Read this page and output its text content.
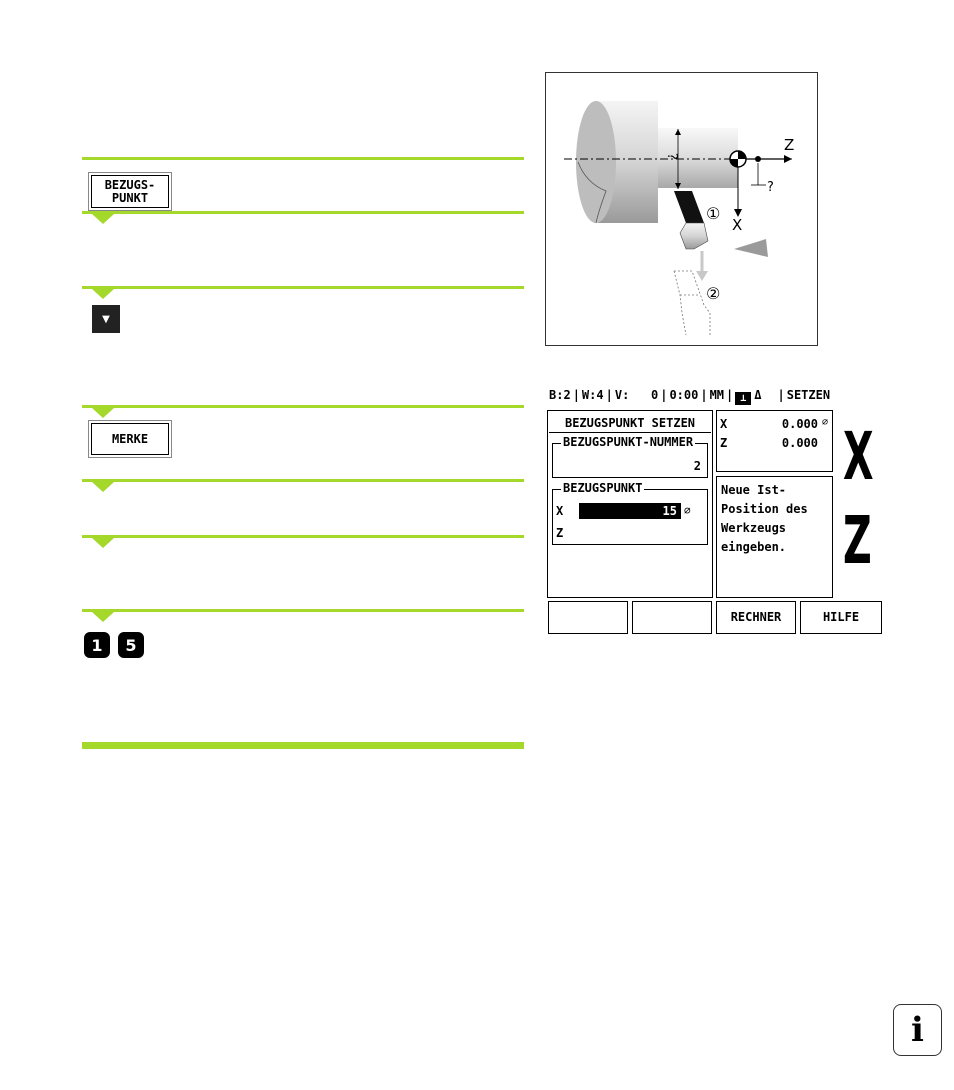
BEZUGS-
PUNKT
▼
MERKE
1	5
Z
?
?
X
①
②
B:2 | W:4 | V:   0 | 0:00 | MM | ⊥ Δ | SETZEN
BEZUGSPUNKT SETZEN
BEZUGSPUNKT-NUMMER
2
BEZUGSPUNKT
X	15 ⌀
Z
X	0.000 ⌀
Z	0.000
Neue Ist-
Position des
Werkzeugs
eingeben.
X
Z
RECHNER	HILFE
i
